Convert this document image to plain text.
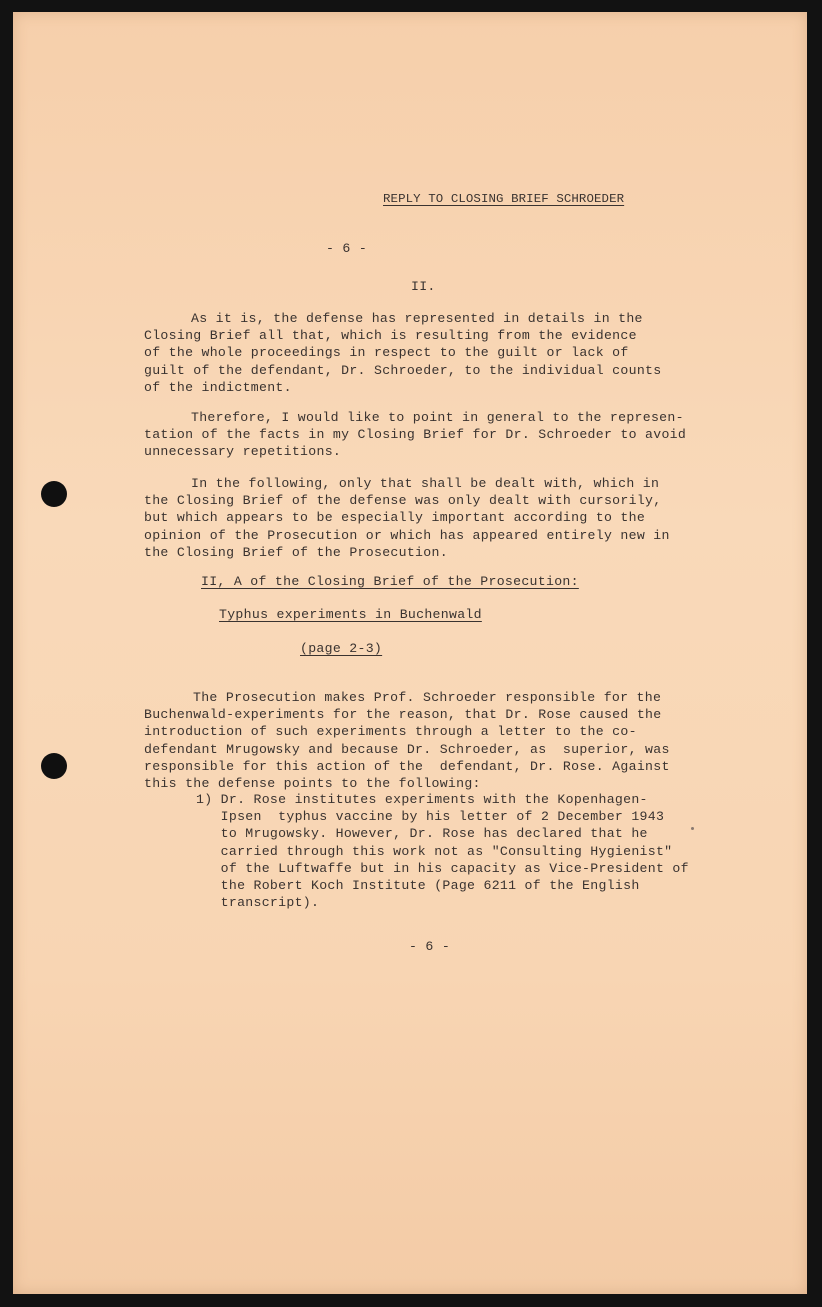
REPLY TO CLOSING BRIEF SCHROEDER
- 6 -
II.
As it is, the defense has represented in details in the
Closing Brief all that, which is resulting from the evidence
of the whole proceedings in respect to the guilt or lack of
guilt of the defendant, Dr. Schroeder, to the individual counts
of the indictment.
Therefore, I would like to point in general to the represen-
tation of the facts in my Closing Brief for Dr. Schroeder to avoid
unnecessary repetitions.
In the following, only that shall be dealt with, which in
the Closing Brief of the defense was only dealt with cursorily,
but which appears to be especially important according to the
opinion of the Prosecution or which has appeared entirely new in
the Closing Brief of the Prosecution.
II, A of the Closing Brief of the Prosecution:
Typhus experiments in Buchenwald
(page 2-3)
The Prosecution makes Prof. Schroeder responsible for the
Buchenwald-experiments for the reason, that Dr. Rose caused the
introduction of such experiments through a letter to the co-
defendant Mrugowsky and because Dr. Schroeder, as  superior, was
responsible for this action of the  defendant, Dr. Rose. Against
this the defense points to the following:
1) Dr. Rose institutes experiments with the Kopenhagen-
Ipsen  typhus vaccine by his letter of 2 December 1943
to Mrugowsky. However, Dr. Rose has declared that he
carried through this work not as "Consulting Hygienist"
of the Luftwaffe but in his capacity as Vice-President of
the Robert Koch Institute (Page 6211 of the English
transcript).
- 6 -
